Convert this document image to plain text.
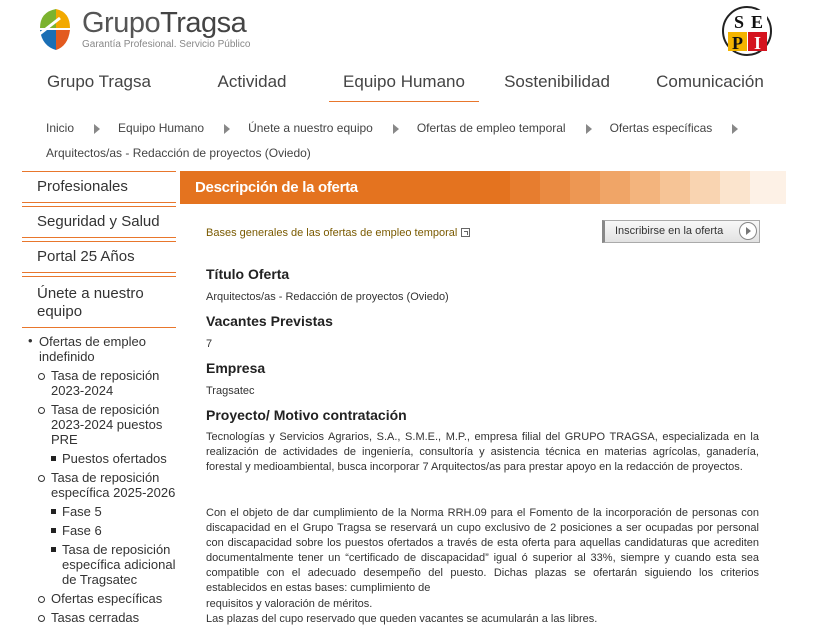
GrupoTragsa
Garantía Profesional. Servicio Público
S E
P I
Grupo Tragsa	Actividad	Equipo Humano	Sostenibilidad	Comunicación
Inicio	Equipo Humano	Únete a nuestro equipo	Ofertas de empleo temporal	Ofertas específicas
Arquitectos/as - Redacción de proyectos (Oviedo)
Profesionales
Seguridad y Salud
Portal 25 Años
Únete a nuestro equipo
• Ofertas de empleo indefinido
Tasa de reposición 2023-2024
Tasa de reposición 2023-2024 puestos PRE
Puestos ofertados
Tasa de reposición específica 2025-2026
Fase 5
Fase 6
Tasa de reposición específica adicional de Tragsatec
Ofertas específicas
Tasas cerradas
Descripción de la oferta
Bases generales de las ofertas de empleo temporal	Inscribirse en la oferta
Título Oferta
Arquitectos/as - Redacción de proyectos (Oviedo)
Vacantes Previstas
7
Empresa
Tragsatec
Proyecto/ Motivo contratación
Tecnologías y Servicios Agrarios, S.A., S.M.E., M.P., empresa filial del GRUPO TRAGSA, especializada en la realización de actividades de ingeniería, consultoría y asistencia técnica en materias agrícolas, ganadería, forestal y medioambiental, busca incorporar 7 Arquitectos/as para prestar apoyo en la redacción de proyectos.
Con el objeto de dar cumplimiento de la Norma RRH.09 para el Fomento de la incorporación de personas con discapacidad en el Grupo Tragsa se reservará un cupo exclusivo de 2 posiciones a ser ocupadas por personal con discapacidad sobre los puestos ofertados a través de esta oferta para aquellas candidaturas que acrediten documentalmente tener un “certificado de discapacidad” igual ó superior al 33%, siempre y cuando esta sea compatible con el adecuado desempeño del puesto. Dichas plazas se ofertarán siguiendo los criterios establecidos en estas bases: cumplimiento de
requisitos y valoración de méritos.
Las plazas del cupo reservado que queden vacantes se acumularán a las libres.
